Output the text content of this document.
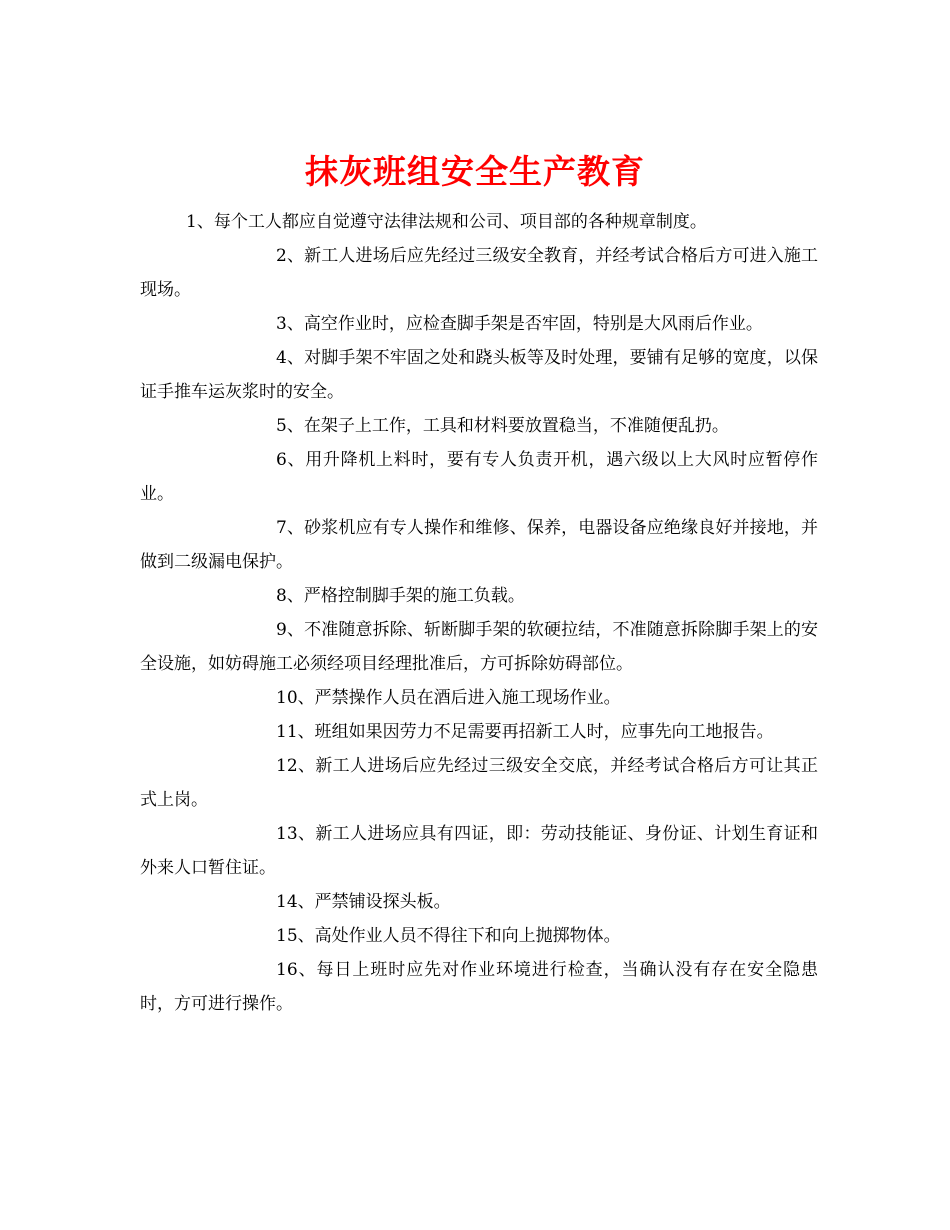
抹灰班组安全生产教育

1、每个工人都应自觉遵守法律法规和公司、项目部的各种规章制度。

2、新工人进场后应先经过三级安全教育，并经考试合格后方可进入施工现场。

3、高空作业时，应检查脚手架是否牢固，特别是大风雨后作业。

4、对脚手架不牢固之处和跷头板等及时处理，要铺有足够的宽度，以保证手推车运灰浆时的安全。

5、在架子上工作，工具和材料要放置稳当，不准随便乱扔。

6、用升降机上料时，要有专人负责开机，遇六级以上大风时应暂停作业。

7、砂浆机应有专人操作和维修、保养，电器设备应绝缘良好并接地，并做到二级漏电保护。

8、严格控制脚手架的施工负载。

9、不准随意拆除、斩断脚手架的软硬拉结，不准随意拆除脚手架上的安全设施，如妨碍施工必须经项目经理批准后，方可拆除妨碍部位。

10、严禁操作人员在酒后进入施工现场作业。

11、班组如果因劳力不足需要再招新工人时，应事先向工地报告。

12、新工人进场后应先经过三级安全交底，并经考试合格后方可让其正式上岗。

13、新工人进场应具有四证，即：劳动技能证、身份证、计划生育证和外来人口暂住证。

14、严禁铺设探头板。

15、高处作业人员不得往下和向上抛掷物体。

16、每日上班时应先对作业环境进行检查，当确认没有存在安全隐患时，方可进行操作。
